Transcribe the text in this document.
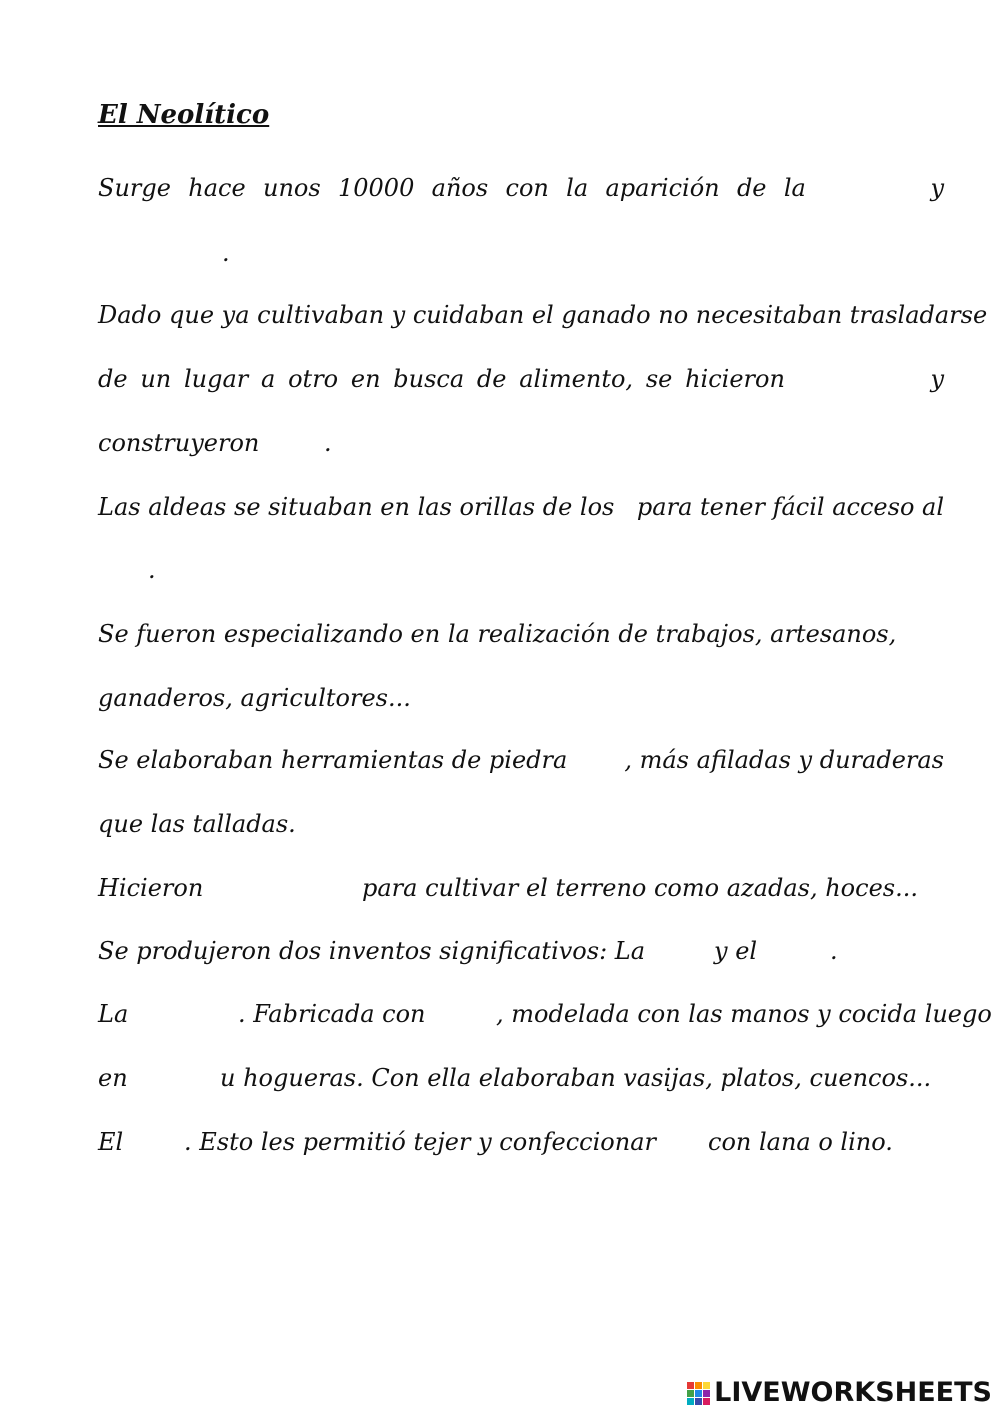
El Neolítico
Surge hace unos 10000 años con la aparición de la	y
.
Dado que ya cultivaban y cuidaban el ganado no necesitaban trasladarse
de un lugar a otro en busca de alimento, se hicieron	y
construyeron	.
Las aldeas se situaban en las orillas de los para tener fácil acceso al
.
Se fueron especializando en la realización de trabajos, artesanos,
ganaderos, agricultores...
Se elaboraban herramientas de piedra , más afiladas y duraderas
que las talladas.
Hicieron	para cultivar el terreno como azadas, hoces...
Se produjeron dos inventos significativos: La	y el	.
La	. Fabricada con	, modelada con las manos y cocida luego
en	u hogueras. Con ella elaboraban vasijas, platos, cuencos...
El	. Esto les permitió tejer y confeccionar con lana o lino.
LIVEWORKSHEETS
